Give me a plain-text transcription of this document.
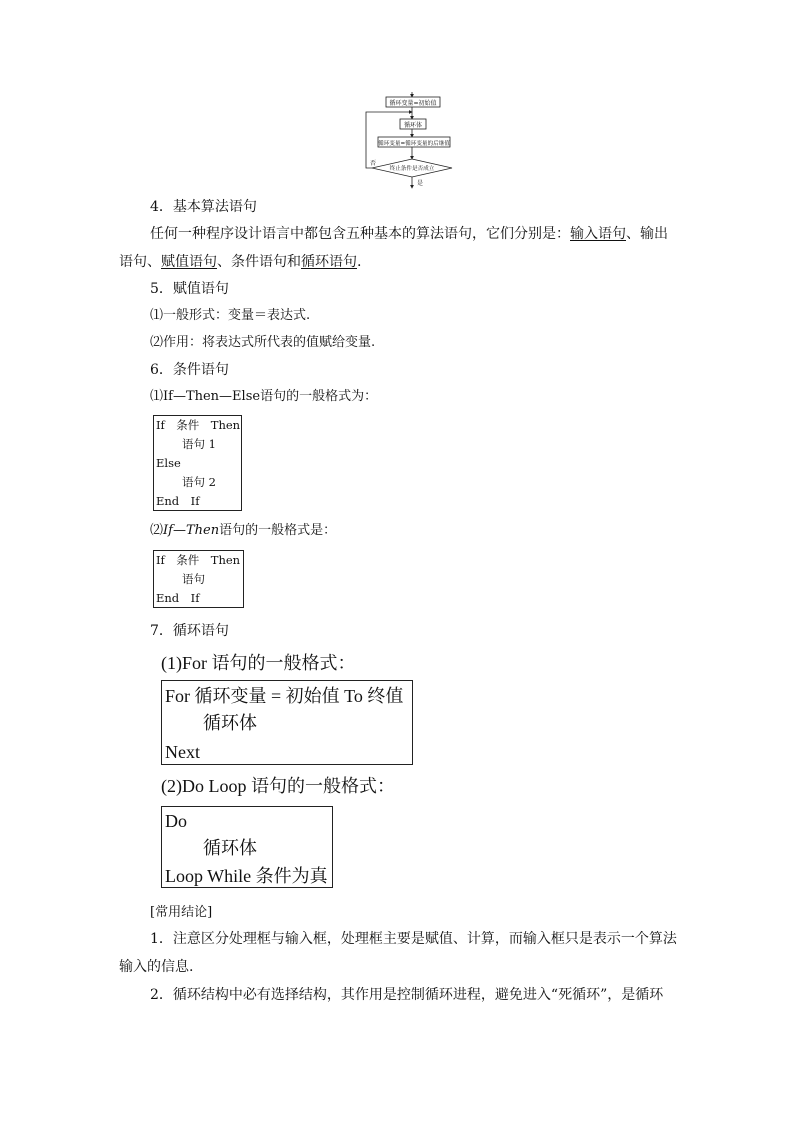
循环变量=初始值
循环体
循环变量=循环变量的后继值
终止条件是否成立
否
是
4．基本算法语句
任何一种程序设计语言中都包含五种基本的算法语句，它们分别是：输入语句、输出
语句、赋值语句、条件语句和循环语句.
5．赋值语句
⑴一般形式：变量＝表达式.
⑵作用：将表达式所代表的值赋给变量.
6．条件语句
⑴If—Then—Else语句的一般格式为：
If　条件　Then
语句 1
Else
语句 2
End　If
⑵If—Then语句的一般格式是：
If　条件　Then
语句
End　If
7．循环语句
(1)For 语句的一般格式：
For 循环变量 = 初始值 To 终值
循环体
Next
(2)Do Loop 语句的一般格式：
Do
循环体
Loop While 条件为真
[常用结论]
1．注意区分处理框与输入框，处理框主要是赋值、计算，而输入框只是表示一个算法
输入的信息.
2．循环结构中必有选择结构，其作用是控制循环进程，避免进入“死循环”，是循环
